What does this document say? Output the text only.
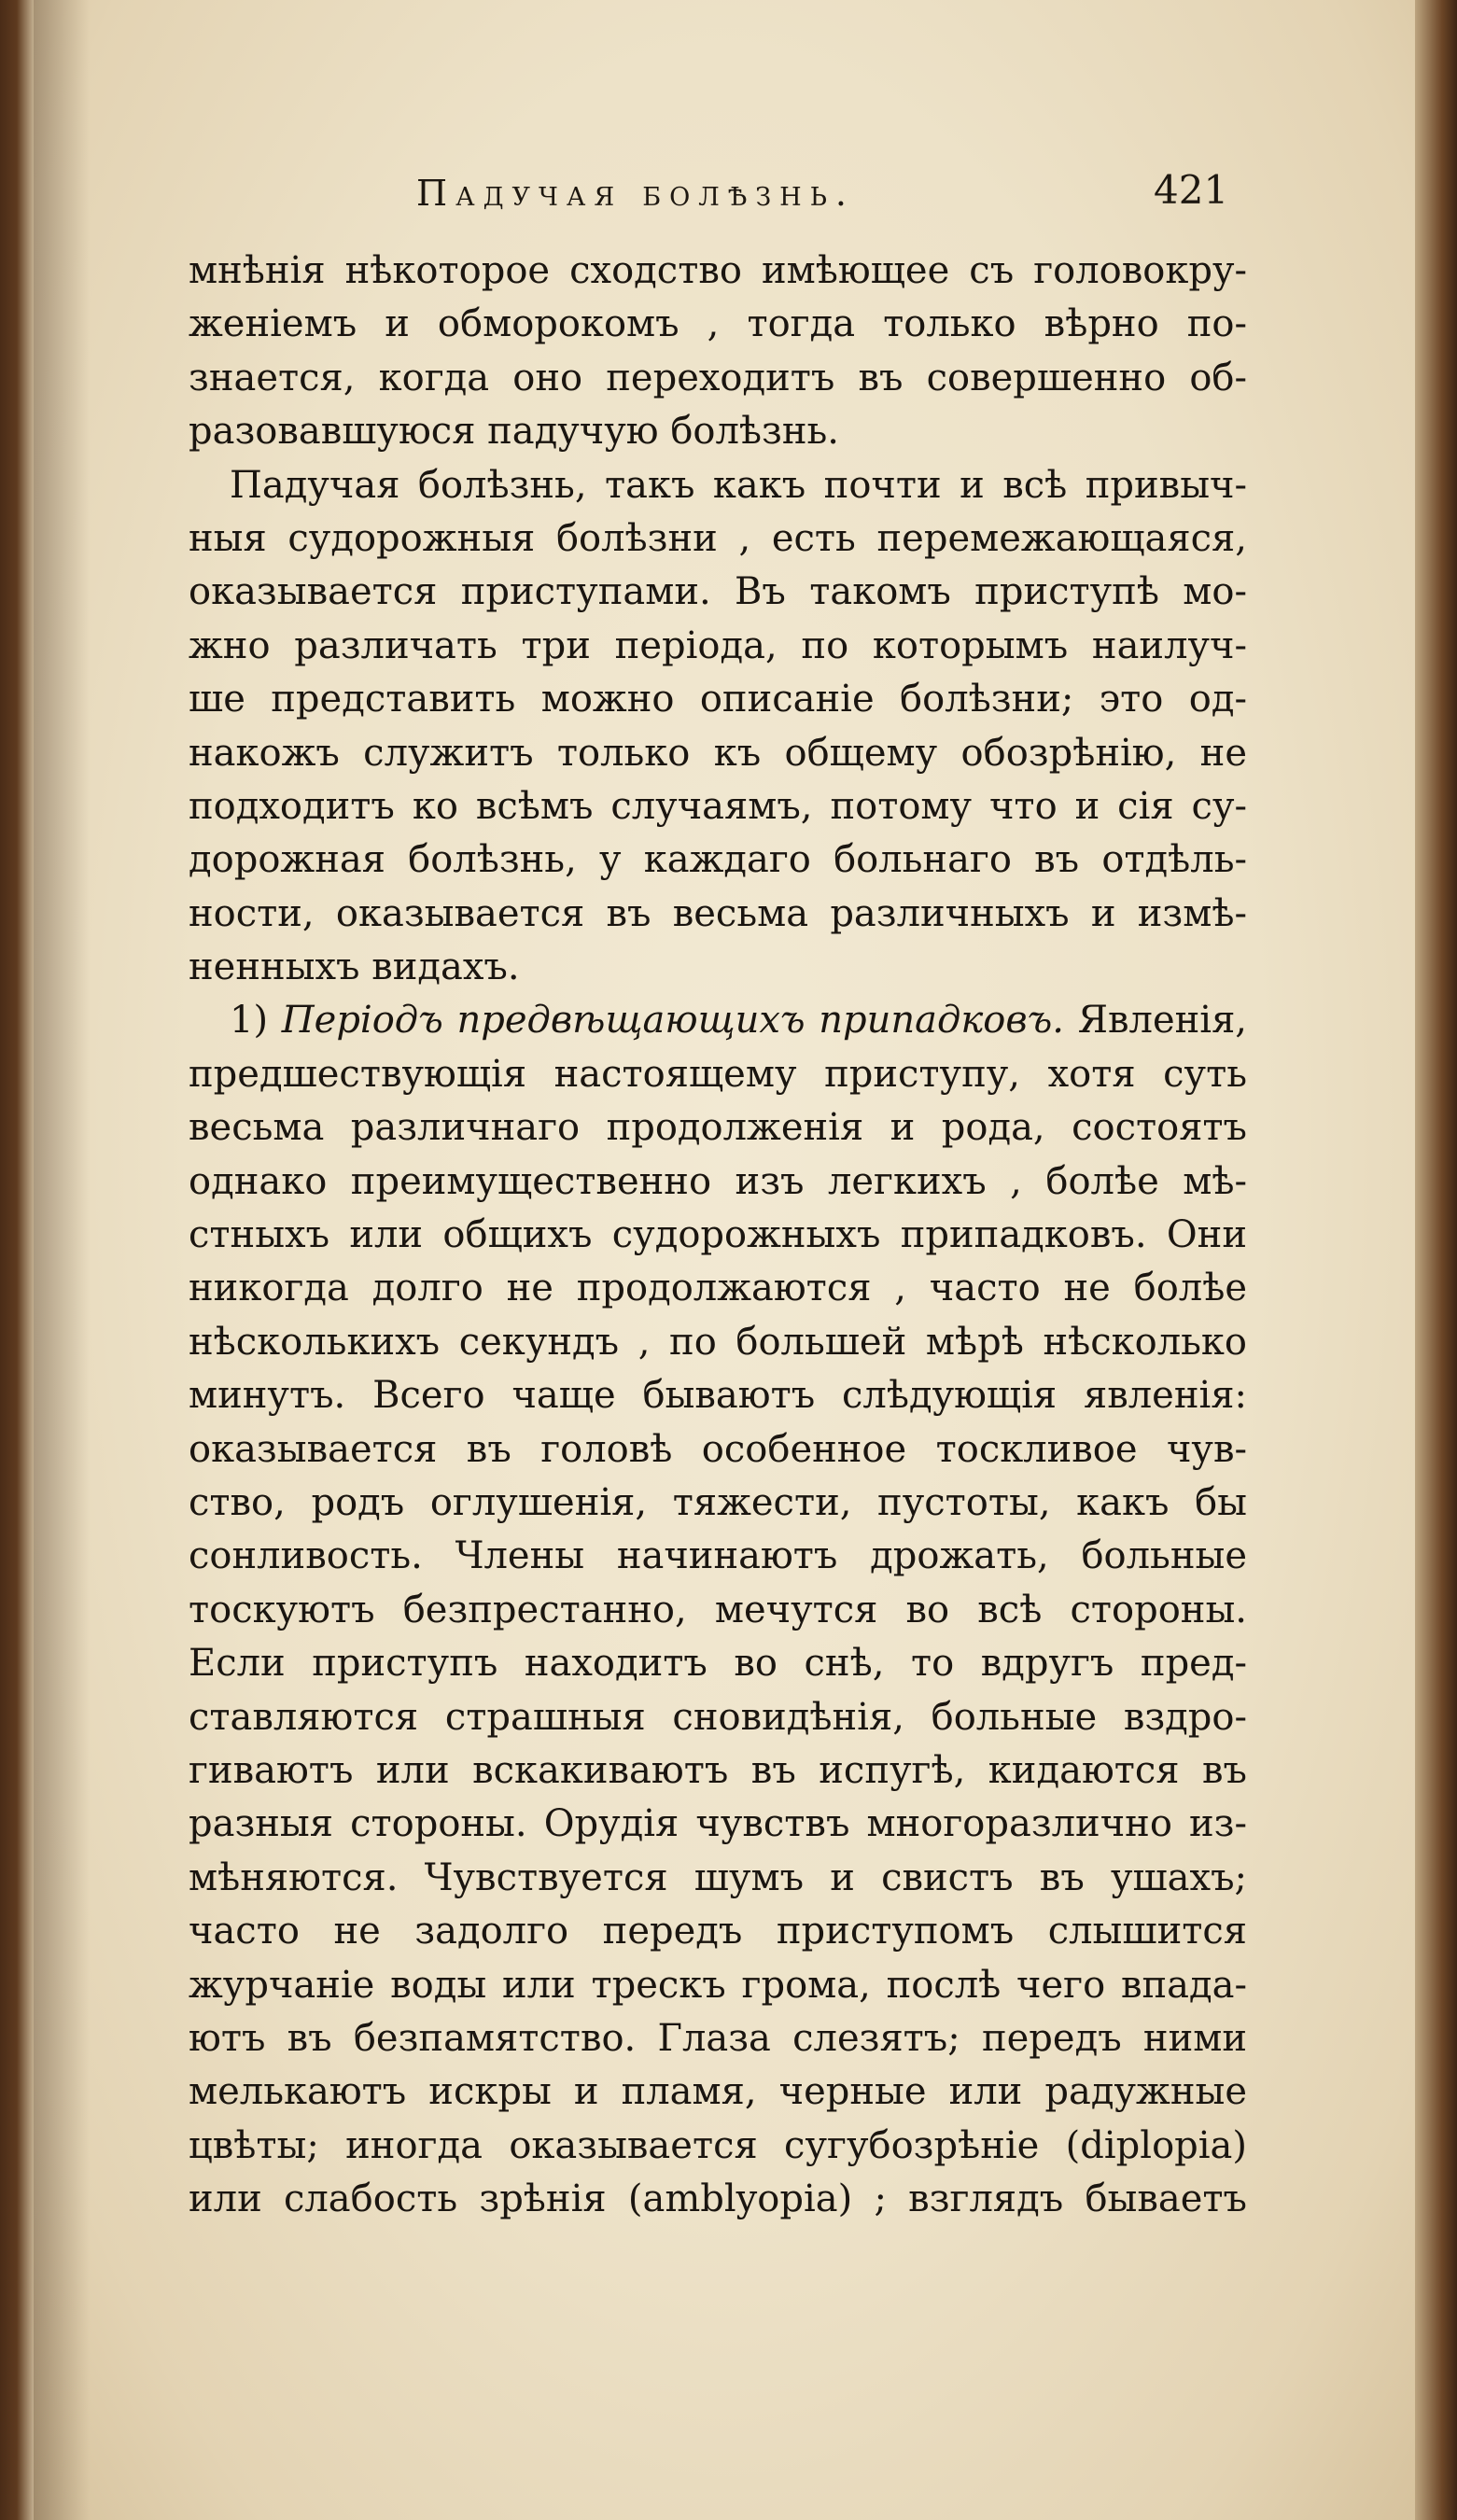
Падучая болѣзнь.	421

мнѣнія нѣкоторое сходство имѣющее съ головокру-

женіемъ и обморокомъ , тогда только вѣрно по-

знается, когда оно переходитъ въ совершенно об-

разовавшуюся падучую болѣзнь.

Падучая болѣзнь, такъ какъ почти и всѣ привыч-

ныя судорожныя болѣзни , есть перемежающаяся,

оказывается приступами. Въ такомъ приступѣ мо-

жно различать три періода, по которымъ наилуч-

ше представить можно описаніе болѣзни; это од-

накожъ служитъ только къ общему обозрѣнію, не

подходитъ ко всѣмъ случаямъ, потому что и сія су-

дорожная болѣзнь, у каждаго больнаго въ отдѣль-

ности, оказывается въ весьма различныхъ и измѣ-

ненныхъ видахъ.

1) Періодъ предвѣщающихъ припадковъ. Явленія,

предшествующія настоящему приступу, хотя суть

весьма различнаго продолженія и рода, состоятъ

однако преимущественно изъ легкихъ , болѣе мѣ-

стныхъ или общихъ судорожныхъ припадковъ. Они

никогда долго не продолжаются , часто не болѣе

нѣсколькихъ секундъ , по большей мѣрѣ нѣсколько

минутъ. Всего чаще бываютъ слѣдующія явленія:

оказывается въ головѣ особенное тоскливое чув-

ство, родъ оглушенія, тяжести, пустоты, какъ бы

сонливость. Члены начинаютъ дрожать, больные

тоскуютъ безпрестанно, мечутся во всѣ стороны.

Если приступъ находитъ во снѣ, то вдругъ пред-

ставляются страшныя сновидѣнія, больные вздро-

гиваютъ или вскакиваютъ въ испугѣ, кидаются въ

разныя стороны. Орудія чувствъ многоразлично из-

мѣняются. Чувствуется шумъ и свистъ въ ушахъ;

часто не задолго передъ приступомъ слышится

журчаніе воды или трескъ грома, послѣ чего впада-

ютъ въ безпамятство. Глаза слезятъ; передъ ними

мелькаютъ искры и пламя, черные или радужные

цвѣты; иногда оказывается сугубозрѣніе (diplopia)

или слабость зрѣнія (amblyopia) ; взглядъ бываетъ
